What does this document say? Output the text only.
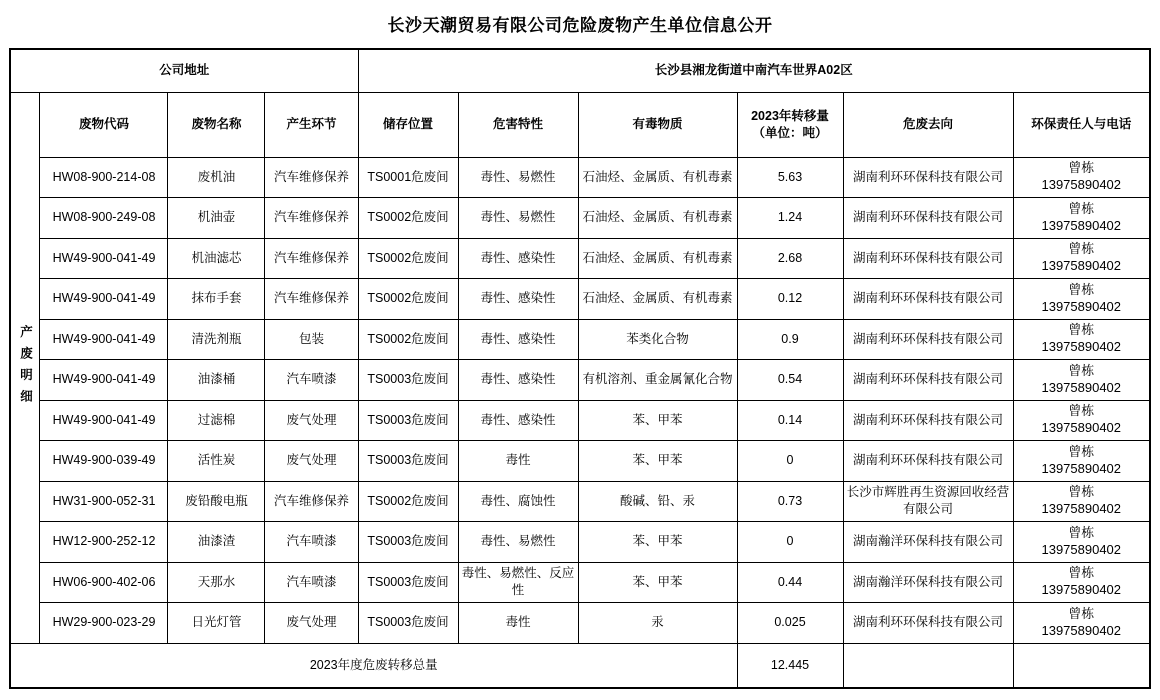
长沙天潮贸易有限公司危险废物产生单位信息公开
公司地址				长沙县湘龙街道中南汽车世界A02区					

产废明细	废物代码	废物名称	产生环节	储存位置	危害特性	有毒物质	2023年转移量
（单位：吨）	危废去向	环保责任人与电话
	HW08-900-214-08	废机油	汽车维修保养	TS0001危废间	毒性、易燃性	石油烃、金属质、有机毒素	5.63	湖南利环环保科技有限公司	曾栋
13975890402

	HW08-900-249-08	机油壶	汽车维修保养	TS0002危废间	毒性、易燃性	石油烃、金属质、有机毒素	1.24	湖南利环环保科技有限公司	曾栋
13975890402

	HW49-900-041-49	机油滤芯	汽车维修保养	TS0002危废间	毒性、感染性	石油烃、金属质、有机毒素	2.68	湖南利环环保科技有限公司	曾栋
13975890402

	HW49-900-041-49	抹布手套	汽车维修保养	TS0002危废间	毒性、感染性	石油烃、金属质、有机毒素	0.12	湖南利环环保科技有限公司	曾栋
13975890402

	HW49-900-041-49	清洗剂瓶	包装	TS0002危废间	毒性、感染性	苯类化合物	0.9	湖南利环环保科技有限公司	曾栋
13975890402

	HW49-900-041-49	油漆桶	汽车喷漆	TS0003危废间	毒性、感染性	有机溶剂、重金属氰化合物	0.54	湖南利环环保科技有限公司	曾栋
13975890402

	HW49-900-041-49	过滤棉	废气处理	TS0003危废间	毒性、感染性	苯、甲苯	0.14	湖南利环环保科技有限公司	曾栋
13975890402

	HW49-900-039-49	活性炭	废气处理	TS0003危废间	毒性	苯、甲苯	0	湖南利环环保科技有限公司	曾栋
13975890402

	HW31-900-052-31	废铅酸电瓶	汽车维修保养	TS0002危废间	毒性、腐蚀性	酸碱、铅、汞	0.73	长沙市辉胜再生资源回收经营有限公司	曾栋
13975890402

	HW12-900-252-12	油漆渣	汽车喷漆	TS0003危废间	毒性、易燃性	苯、甲苯	0	湖南瀚洋环保科技有限公司	曾栋
13975890402

	HW06-900-402-06	天那水	汽车喷漆	TS0003危废间	毒性、易燃性、反应性	苯、甲苯	0.44	湖南瀚洋环保科技有限公司	曾栋
13975890402

	HW29-900-023-29	日光灯管	废气处理	TS0003危废间	毒性	汞	0.025	湖南利环环保科技有限公司	曾栋
13975890402

2023年度危废转移总量							12.445		
